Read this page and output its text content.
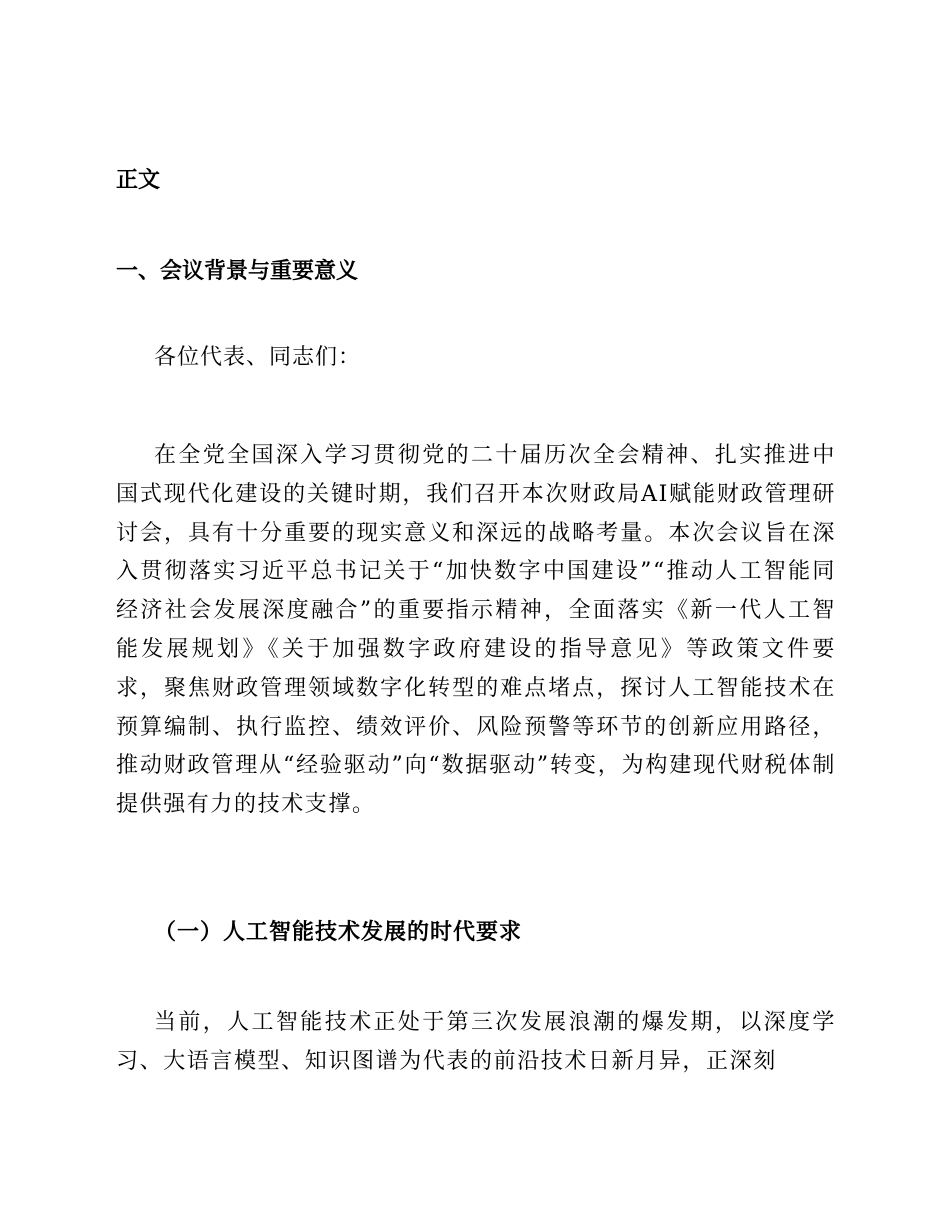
正文
一、会议背景与重要意义

各位代表、同志们：

在全党全国深入学习贯彻党的二十届历次全会精神、扎实推进中国式现代化建设的关键时期，我们召开本次财政局AI赋能财政管理研讨会，具有十分重要的现实意义和深远的战略考量。本次会议旨在深入贯彻落实习近平总书记关于“加快数字中国建设”“推动人工智能同经济社会发展深度融合”的重要指示精神，全面落实《新一代人工智能发展规划》《关于加强数字政府建设的指导意见》等政策文件要求，聚焦财政管理领域数字化转型的难点堵点，探讨人工智能技术在预算编制、执行监控、绩效评价、风险预警等环节的创新应用路径，推动财政管理从“经验驱动”向“数据驱动”转变，为构建现代财税体制提供强有力的技术支撑。

（一）人工智能技术发展的时代要求

当前，人工智能技术正处于第三次发展浪潮的爆发期，以深度学习、大语言模型、知识图谱为代表的前沿技术日新月异，正深刻
